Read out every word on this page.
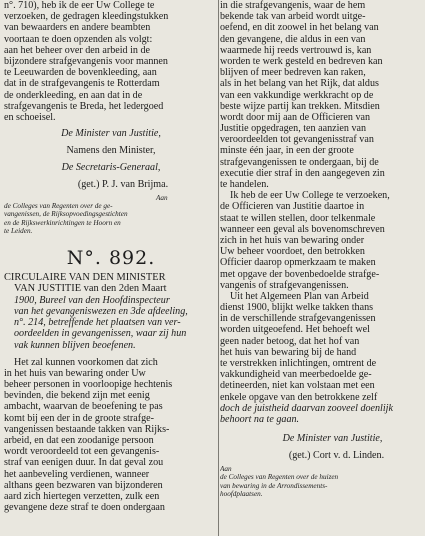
n°. 710), heb ik de eer Uw College te
verzoeken, de gedragen kleedingstukken
van bewaarders en andere beambten
voortaan te doen opzenden als volgt:
aan het beheer over den arbeid in de
bijzondere strafgevangenis voor mannen
te Leeuwarden de bovenkleeding, aan
dat in de strafgevangenis te Rotterdam
de onderkleeding, en aan dat in de
strafgevangenis te Breda, het ledergoed
en schoeisel.
De Minister van Justitie,
Namens den Minister,
De Secretaris-Generaal,
(get.) P. J. van Brijma.
Aan
de Colleges van Regenten over de ge-
vangenissen, de Rijksopvoedingsgestichten
en de Rijkswerkinrichtingen te Hoorn en
te Leiden.
N°. 892.
CIRCULAIRE VAN DEN MINISTER
VAN JUSTITIE van den 2den Maart
1900, Bureel van den Hoofdinspecteur
van het gevangeniswezen en 3de afdeeling,
n°. 214, betreffende het plaatsen van ver-
oordeelden in gevangenissen, waar zij hun
vak kunnen blijven beoefenen.
Het zal kunnen voorkomen dat zich
in het huis van bewaring onder Uw
beheer personen in voorloopige hechtenis
bevinden, die bekend zijn met eenig
ambacht, waarvan de beoefening te pas
komt bij een der in de groote strafge-
vangenissen bestaande takken van Rijks-
arbeid, en dat een zoodanige persoon
wordt veroordeeld tot een gevangenis-
straf van eenigen duur. In dat geval zou
het aanbeveling verdienen, wanneer
althans geen bezwaren van bijzonderen
aard zich hiertegen verzetten, zulk een
gevangene deze straf te doen ondergaan
in die strafgevangenis, waar de hem
bekende tak van arbeid wordt uitge-
oefend, en dit zoowel in het belang van
den gevangene, die aldus in een van
waarmede hij reeds vertrouwd is, kan
worden te werk gesteld en bedreven kan
blijven of meer bedreven kan raken,
als in het belang van het Rijk, dat aldus
van een vakkundige werkkracht op de
beste wijze partij kan trekken. Mitsdien
wordt door mij aan de Officieren van
Justitie opgedragen, ten aanzien van
veroordeelden tot gevangenisstraf van
minste één jaar, in een der groote
strafgevangenissen te ondergaan, bij de
executie dier straf in den aangegeven zin
te handelen.
Ik heb de eer Uw College te verzoeken,
de Officieren van Justitie daartoe in
staat te willen stellen, door telkenmale
wanneer een geval als bovenomschreven
zich in het huis van bewaring onder
Uw beheer voordoet, den betrokken
Officier daarop opmerkzaam te maken
met opgave der bovenbedoelde strafge-
vangenis of strafgevangenissen.
Uit het Algemeen Plan van Arbeid
dienst 1900, blijkt welke takken thans
in de verschillende strafgevangenissen
worden uitgeoefend. Het behoeft wel
geen nader betoog, dat het hof van
het huis van bewaring bij de hand
te verstrekken inlichtingen, omtrent de
vakkundigheid van meerbedoelde ge-
detineerden, niet kan volstaan met een
enkele opgave van den betrokkene zelf
doch de juistheid daarvan zooveel doenlijk
behoort na te gaan.
De Minister van Justitie,
(get.) Cort v. d. Linden.
Aan
de Colleges van Regenten over de huizen
van bewaring in de Arrondissements-
hoofdplaatsen.
